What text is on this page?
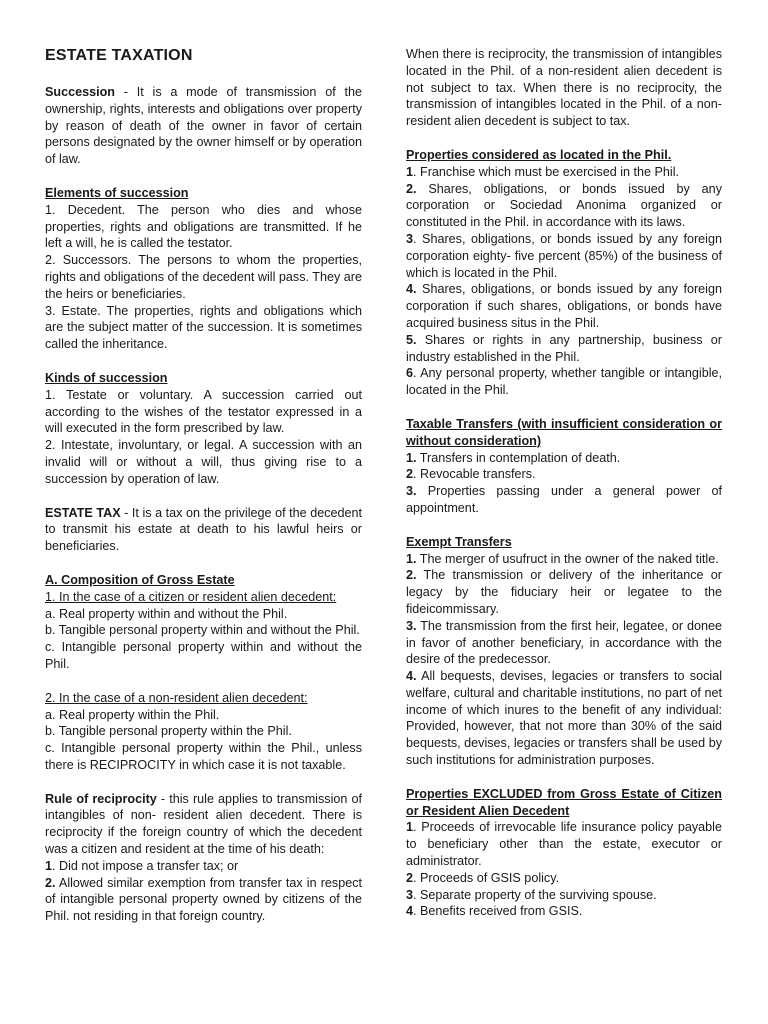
ESTATE TAXATION

Succession - It is a mode of transmission of the ownership, rights, interests and obligations over property by reason of death of the owner in favor of certain persons designated by the owner himself or by operation of law.

Elements of succession

1. Decedent. The person who dies and whose properties, rights and obligations are transmitted. If he left a will, he is called the testator.

2. Successors. The persons to whom the properties, rights and obligations of the decedent will pass. They are the heirs or beneficiaries.

3. Estate. The properties, rights and obligations which are the subject matter of the succession. It is sometimes called the inheritance.

Kinds of succession

1. Testate or voluntary. A succession carried out according to the wishes of the testator expressed in a will executed in the form prescribed by law.

2. Intestate, involuntary, or legal. A succession with an invalid will or without a will, thus giving rise to a succession by operation of law.

ESTATE TAX - It is a tax on the privilege of the decedent to transmit his estate at death to his lawful heirs or beneficiaries.

A. Composition of Gross Estate

1. In the case of a citizen or resident alien decedent:

a. Real property within and without the Phil.

b. Tangible personal property within and without the Phil.

c. Intangible personal property within and without the Phil.

2. In the case of a non-resident alien decedent:

a. Real property within the Phil.

b. Tangible personal property within the Phil.

c. Intangible personal property within the Phil., unless there is RECIPROCITY in which case it is not taxable.

Rule of reciprocity - this rule applies to transmission of intangibles of non- resident alien decedent. There is reciprocity if the foreign country of which the decedent was a citizen and resident at the time of his death:

1. Did not impose a transfer tax; or

2. Allowed similar exemption from transfer tax in respect of intangible personal property owned by citizens of the Phil. not residing in that foreign country.

When there is reciprocity, the transmission of intangibles located in the Phil. of a non-resident alien decedent is not subject to tax. When there is no reciprocity, the transmission of intangibles located in the Phil. of a non- resident alien decedent is subject to tax.

Properties considered as located in the Phil.

1. Franchise which must be exercised in the Phil.

2. Shares, obligations, or bonds issued by any corporation or Sociedad Anonima organized or constituted in the Phil. in accordance with its laws.

3. Shares, obligations, or bonds issued by any foreign corporation eighty- five percent (85%) of the business of which is located in the Phil.

4. Shares, obligations, or bonds issued by any foreign corporation if such shares, obligations, or bonds have acquired business situs in the Phil.

5. Shares or rights in any partnership, business or industry established in the Phil.

6. Any personal property, whether tangible or intangible, located in the Phil.

Taxable Transfers (with insufficient consideration or without consideration)

1. Transfers in contemplation of death.

2. Revocable transfers.

3. Properties passing under a general power of appointment.

Exempt Transfers

1. The merger of usufruct in the owner of the naked title.

2. The transmission or delivery of the inheritance or legacy by the fiduciary heir or legatee to the fideicommissary.

3. The transmission from the first heir, legatee, or donee in favor of another beneficiary, in accordance with the desire of the predecessor.

4. All bequests, devises, legacies or transfers to social welfare, cultural and charitable institutions, no part of net income of which inures to the benefit of any individual: Provided, however, that not more than 30% of the said bequests, devises, legacies or transfers shall be used by such institutions for administration purposes.

Properties EXCLUDED from Gross Estate of Citizen or Resident Alien Decedent

1. Proceeds of irrevocable life insurance policy payable to beneficiary other than the estate, executor or administrator.

2. Proceeds of GSIS policy.

3. Separate property of the surviving spouse.

4. Benefits received from GSIS.
